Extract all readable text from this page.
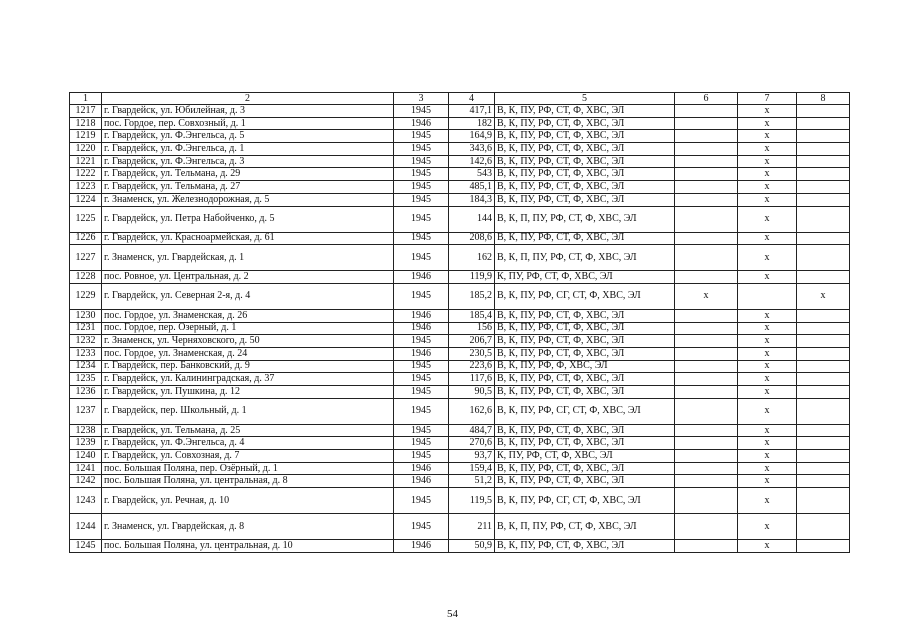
1	2	3	4	5	6	7	8
1217	г. Гвардейск, ул. Юбилейная, д. 3	1945	417,1	В, К, ПУ, РФ, СТ, Ф, ХВС, ЭЛ		х	
1218	пос. Гордое, пер. Совхозный, д. 1	1946	182	В, К, ПУ, РФ, СТ, Ф, ХВС, ЭЛ		х	
1219	г. Гвардейск, ул. Ф.Энгельса, д. 5	1945	164,9	В, К, ПУ, РФ, СТ, Ф, ХВС, ЭЛ		х	
1220	г. Гвардейск, ул. Ф.Энгельса, д. 1	1945	343,6	В, К, ПУ, РФ, СТ, Ф, ХВС, ЭЛ		х	
1221	г. Гвардейск, ул. Ф.Энгельса, д. 3	1945	142,6	В, К, ПУ, РФ, СТ, Ф, ХВС, ЭЛ		х	
1222	г. Гвардейск, ул. Тельмана, д. 29	1945	543	В, К, ПУ, РФ, СТ, Ф, ХВС, ЭЛ		х	
1223	г. Гвардейск, ул. Тельмана, д. 27	1945	485,1	В, К, ПУ, РФ, СТ, Ф, ХВС, ЭЛ		х	
1224	г. Знаменск, ул. Железнодорожная, д. 5	1945	184,3	В, К, ПУ, РФ, СТ, Ф, ХВС, ЭЛ		х	
1225	г. Гвардейск, ул. Петра Набойченко, д. 5	1945	144	В, К, П, ПУ, РФ, СТ, Ф, ХВС, ЭЛ		х	
1226	г. Гвардейск, ул. Красноармейская, д. 61	1945	208,6	В, К, ПУ, РФ, СТ, Ф, ХВС, ЭЛ		х	
1227	г. Знаменск, ул. Гвардейская, д. 1	1945	162	В, К, П, ПУ, РФ, СТ, Ф, ХВС, ЭЛ		х	
1228	пос. Ровное, ул. Центральная, д. 2	1946	119,9	К, ПУ, РФ, СТ, Ф, ХВС, ЭЛ		х	
1229	г. Гвардейск, ул. Северная 2-я, д. 4	1945	185,2	В, К, ПУ, РФ, СГ, СТ, Ф, ХВС, ЭЛ	х		х
1230	пос. Гордое, ул. Знаменская, д. 26	1946	185,4	В, К, ПУ, РФ, СТ, Ф, ХВС, ЭЛ		х	
1231	пос. Гордое, пер. Озерный, д. 1	1946	156	В, К, ПУ, РФ, СТ, Ф, ХВС, ЭЛ		х	
1232	г. Знаменск, ул. Черняховского, д. 50	1945	206,7	В, К, ПУ, РФ, СТ, Ф, ХВС, ЭЛ		х	
1233	пос. Гордое, ул. Знаменская, д. 24	1946	230,5	В, К, ПУ, РФ, СТ, Ф, ХВС, ЭЛ		х	
1234	г. Гвардейск, пер. Банковский, д. 9	1945	223,6	В, К, ПУ, РФ, Ф, ХВС, ЭЛ		х	
1235	г. Гвардейск, ул. Калининградская, д. 37	1945	117,6	В, К, ПУ, РФ, СТ, Ф, ХВС, ЭЛ		х	
1236	г. Гвардейск, ул. Пушкина, д. 12	1945	90,5	В, К, ПУ, РФ, СТ, Ф, ХВС, ЭЛ		х	
1237	г. Гвардейск, пер. Школьный, д. 1	1945	162,6	В, К, ПУ, РФ, СГ, СТ, Ф, ХВС, ЭЛ		х	
1238	г. Гвардейск, ул. Тельмана, д. 25	1945	484,7	В, К, ПУ, РФ, СТ, Ф, ХВС, ЭЛ		х	
1239	г. Гвардейск, ул. Ф.Энгельса, д. 4	1945	270,6	В, К, ПУ, РФ, СТ, Ф, ХВС, ЭЛ		х	
1240	г. Гвардейск, ул. Совхозная, д. 7	1945	93,7	К, ПУ, РФ, СТ, Ф, ХВС, ЭЛ		х	
1241	пос. Большая Поляна, пер. Озёрный, д. 1	1946	159,4	В, К, ПУ, РФ, СТ, Ф, ХВС, ЭЛ		х	
1242	пос. Большая Поляна, ул. центральная, д. 8	1946	51,2	В, К, ПУ, РФ, СТ, Ф, ХВС, ЭЛ		х	
1243	г. Гвардейск, ул. Речная, д. 10	1945	119,5	В, К, ПУ, РФ, СГ, СТ, Ф, ХВС, ЭЛ		х	
1244	г. Знаменск, ул. Гвардейская, д. 8	1945	211	В, К, П, ПУ, РФ, СТ, Ф, ХВС, ЭЛ		х	
1245	пос. Большая Поляна, ул. центральная, д. 10	1946	50,9	В, К, ПУ, РФ, СТ, Ф, ХВС, ЭЛ		х	
54
